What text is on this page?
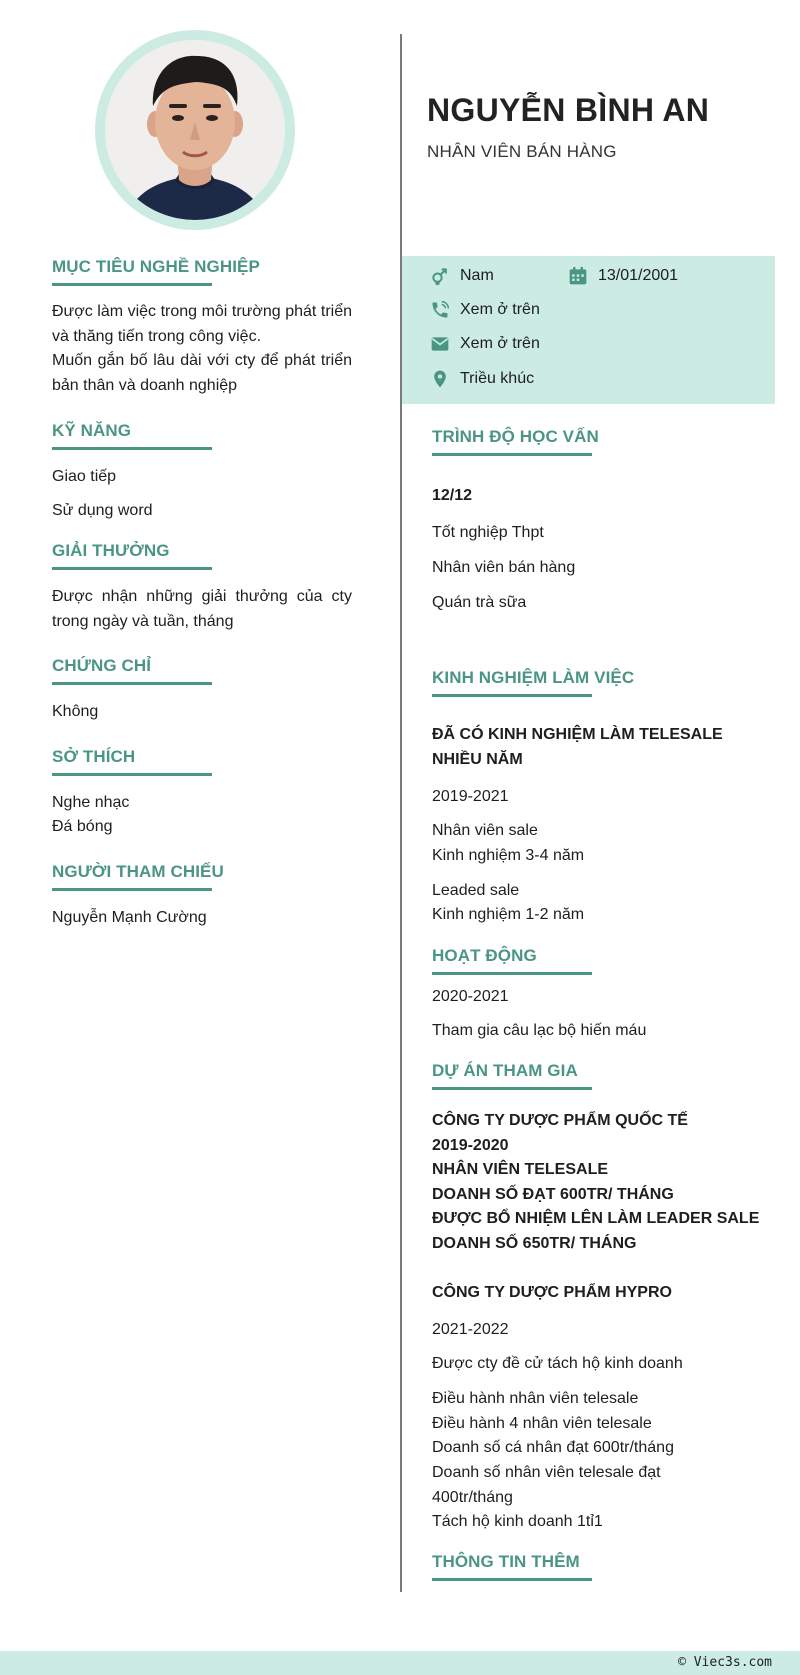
MỤC TIÊU NGHỀ NGHIỆP
Được làm việc trong môi trường phát triển và thăng tiến trong công việc.
Muốn gắn bố lâu dài với cty để phát triển bản thân và doanh nghiệp
KỸ NĂNG
Giao tiếp
Sử dụng word
GIẢI THƯỞNG
Được nhận những giải thưởng của cty trong ngày và tuần, tháng
CHỨNG CHỈ
Không
SỞ THÍCH
Nghe nhạc
Đá bóng
NGƯỜI THAM CHIẾU
Nguyễn Mạnh Cường
NGUYỄN BÌNH AN
NHÂN VIÊN BÁN HÀNG
Nam	13/01/2001
Xem ở trên
Xem ở trên
Triều khúc
TRÌNH ĐỘ HỌC VẤN
12/12
Tốt nghiệp Thpt
Nhân viên bán hàng
Quán trà sữa
KINH NGHIỆM LÀM VIỆC
ĐÃ CÓ KINH NGHIỆM LÀM TELESALE
NHIỀU NĂM
2019-2021
Nhân viên sale
Kinh nghiệm 3-4 năm
Leaded sale
Kinh nghiệm 1-2 năm
HOẠT ĐỘNG
2020-2021
Tham gia câu lạc bộ hiến máu
DỰ ÁN THAM GIA
CÔNG TY DƯỢC PHẨM QUỐC TẾ
2019-2020
NHÂN VIÊN TELESALE
DOANH SỐ ĐẠT 600TR/ THÁNG
ĐƯỢC BỔ NHIỆM LÊN LÀM LEADER SALE
DOANH SỐ 650TR/ THÁNG
CÔNG TY DƯỢC PHẨM HYPRO
2021-2022
Được cty đề cử tách hộ kinh doanh
Điều hành nhân viên telesale
Điều hành 4 nhân viên telesale
Doanh số cá nhân đạt 600tr/tháng
Doanh số nhân viên telesale đạt
400tr/tháng
Tách hộ kinh doanh 1tỉ1
THÔNG TIN THÊM
© Viec3s.com
